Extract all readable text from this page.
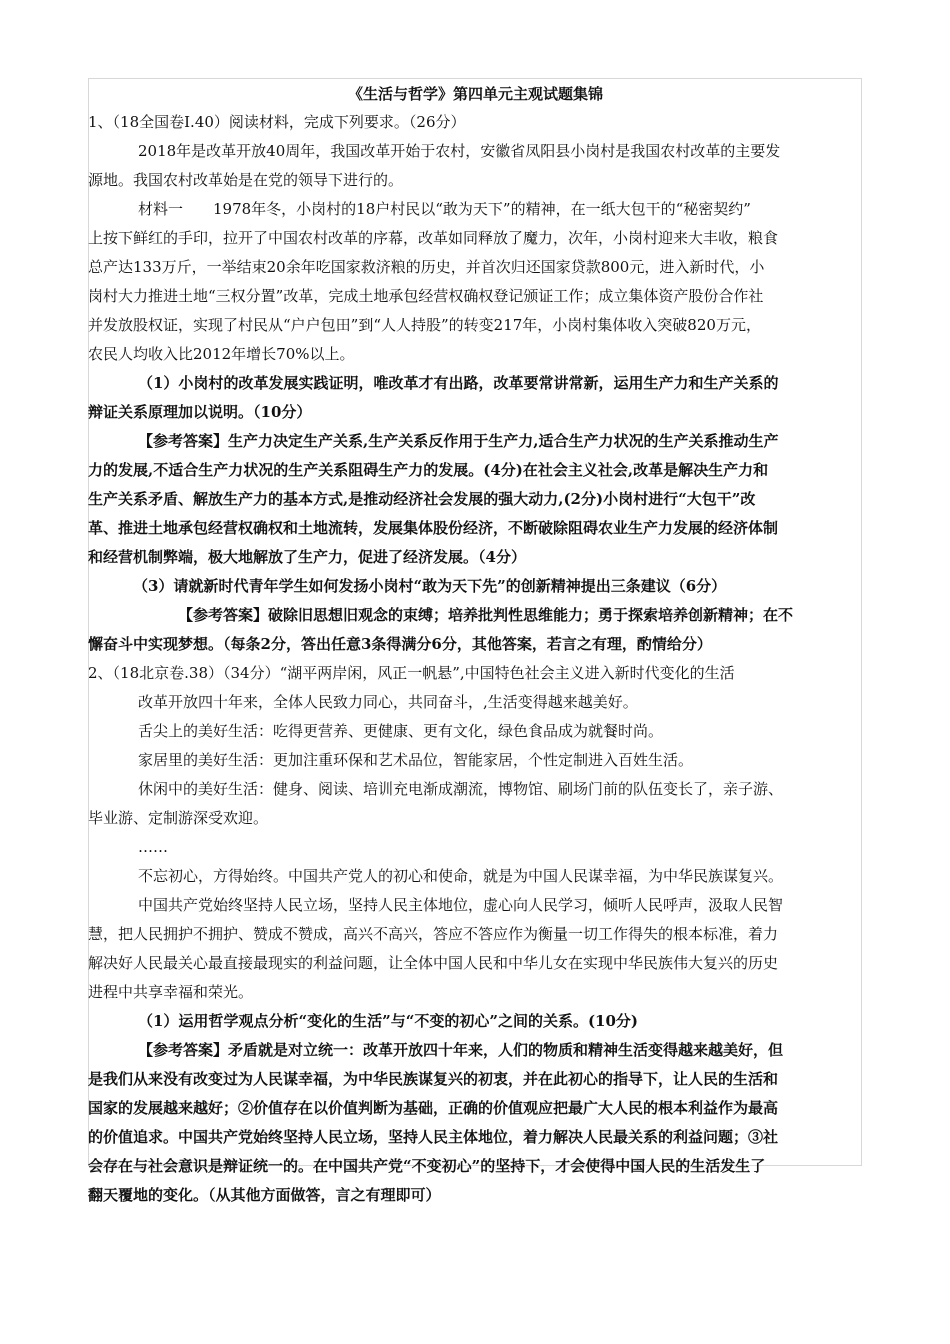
《生活与哲学》第四单元主观试题集锦
1、（18全国卷Ⅰ.40）阅读材料，完成下列要求。（26分）
2018年是改革开放40周年，我国改革开始于农村，安徽省凤阳县小岗村是我国农村改革的主要发
源地。我国农村改革始是在党的领导下进行的。
材料一　　1978年冬，小岗村的18户村民以“敢为天下”的精神，在一纸大包干的“秘密契约”
上按下鲜红的手印，拉开了中国农村改革的序幕，改革如同释放了魔力，次年，小岗村迎来大丰收，粮食
总产达133万斤，一举结束20余年吃国家救济粮的历史，并首次归还国家贷款800元，进入新时代，小
岗村大力推进土地“三权分置”改革，完成土地承包经营权确权登记颁证工作；成立集体资产股份合作社
并发放股权证，实现了村民从“户户包田”到“人人持股”的转变217年，小岗村集体收入突破820万元，
农民人均收入比2012年增长70%以上。
（1）小岗村的改革发展实践证明，唯改革才有出路，改革要常讲常新，运用生产力和生产关系的
辩证关系原理加以说明。（10分）
【参考答案】生产力决定生产关系,生产关系反作用于生产力,适合生产力状况的生产关系推动生产
力的发展,不适合生产力状况的生产关系阻碍生产力的发展。(4分)在社会主义社会,改革是解决生产力和
生产关系矛盾、解放生产力的基本方式,是推动经济社会发展的强大动力,(2分)小岗村进行“大包干”改
革、推进土地承包经营权确权和土地流转，发展集体股份经济，不断破除阻碍农业生产力发展的经济体制
和经营机制弊端，极大地解放了生产力，促进了经济发展。（4分）
（3）请就新时代青年学生如何发扬小岗村“敢为天下先”的创新精神提出三条建议（6分）
【参考答案】破除旧思想旧观念的束缚；培养批判性思维能力；勇于探索培养创新精神；在不
懈奋斗中实现梦想。（每条2分，答出任意3条得满分6分，其他答案，若言之有理，酌情给分）
2、（18北京卷.38）（34分）“湖平两岸闲，风正一帆悬”,中国特色社会主义进入新时代变化的生活
改革开放四十年来，全体人民致力同心，共同奋斗，,生活变得越来越美好。
舌尖上的美好生活：吃得更营养、更健康、更有文化，绿色食品成为就餐时尚。
家居里的美好生活：更加注重环保和艺术品位，智能家居，个性定制进入百姓生活。
休闲中的美好生活：健身、阅读、培训充电渐成潮流，博物馆、刷场门前的队伍变长了，亲子游、
毕业游、定制游深受欢迎。
……
不忘初心，方得始终。中国共产党人的初心和使命，就是为中国人民谋幸福，为中华民族谋复兴。
中国共产党始终坚持人民立场，坚持人民主体地位，虚心向人民学习，倾听人民呼声，汲取人民智
慧，把人民拥护不拥护、赞成不赞成，高兴不高兴，答应不答应作为衡量一切工作得失的根本标准，着力
解决好人民最关心最直接最现实的利益问题，让全体中国人民和中华儿女在实现中华民族伟大复兴的历史
进程中共享幸福和荣光。
（1）运用哲学观点分析“变化的生活”与“不变的初心”之间的关系。(10分)
【参考答案】矛盾就是对立统一：改革开放四十年来，人们的物质和精神生活变得越来越美好，但
是我们从来没有改变过为人民谋幸福，为中华民族谋复兴的初衷，并在此初心的指导下，让人民的生活和
国家的发展越来越好；②价值存在以价值判断为基础，正确的价值观应把最广大人民的根本利益作为最高
的价值追求。中国共产党始终坚持人民立场，坚持人民主体地位，着力解决人民最关系的利益问题；③社
会存在与社会意识是辩证统一的。在中国共产党“不变初心”的坚持下，才会使得中国人民的生活发生了
翻天覆地的变化。（从其他方面做答，言之有理即可）
